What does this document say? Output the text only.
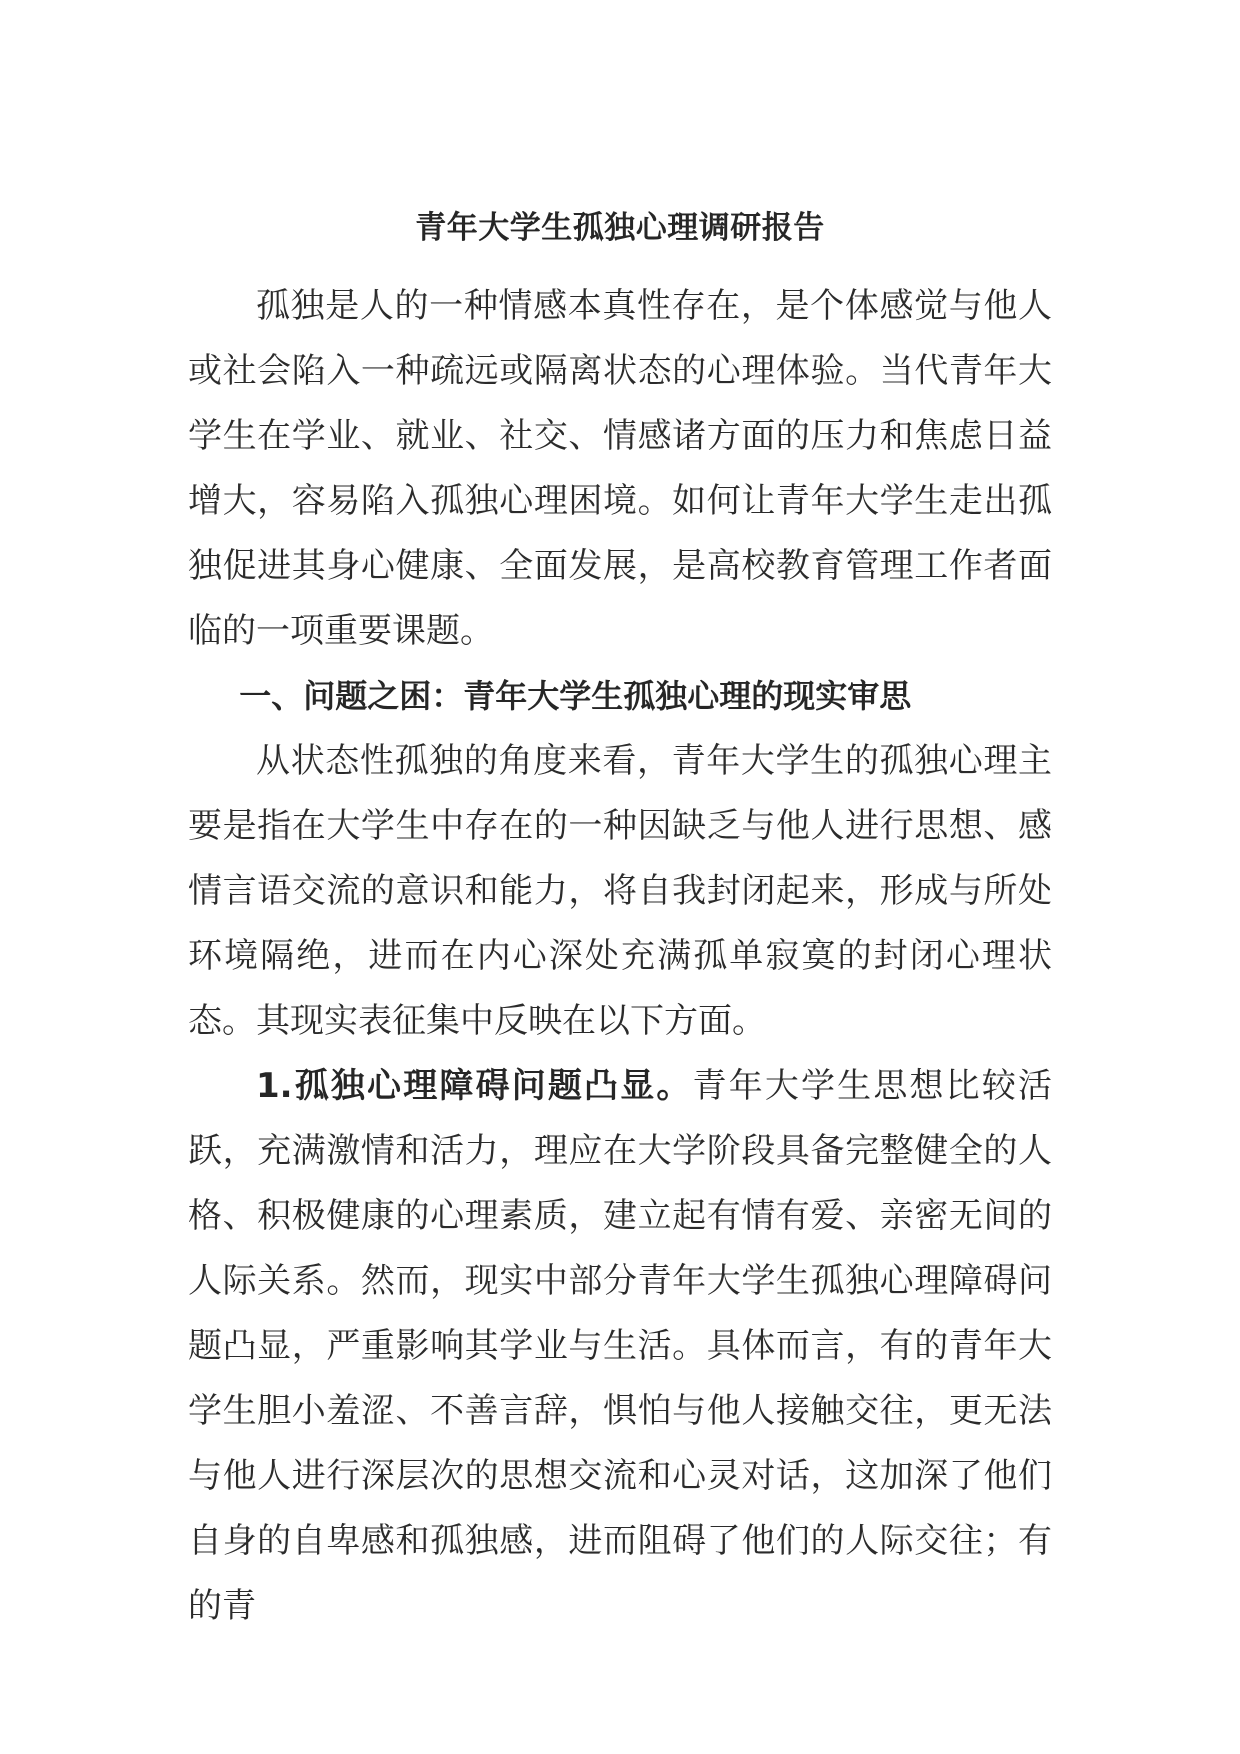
青年大学生孤独心理调研报告

孤独是人的一种情感本真性存在，是个体感觉与他人或社会陷入一种疏远或隔离状态的心理体验。当代青年大学生在学业、就业、社交、情感诸方面的压力和焦虑日益增大，容易陷入孤独心理困境。如何让青年大学生走出孤独促进其身心健康、全面发展，是高校教育管理工作者面临的一项重要课题。

一、问题之困：青年大学生孤独心理的现实审思

从状态性孤独的角度来看，青年大学生的孤独心理主要是指在大学生中存在的一种因缺乏与他人进行思想、感情言语交流的意识和能力，将自我封闭起来，形成与所处环境隔绝，进而在内心深处充满孤单寂寞的封闭心理状态。其现实表征集中反映在以下方面。

1.孤独心理障碍问题凸显。青年大学生思想比较活跃，充满激情和活力，理应在大学阶段具备完整健全的人格、积极健康的心理素质，建立起有情有爱、亲密无间的人际关系。然而，现实中部分青年大学生孤独心理障碍问题凸显，严重影响其学业与生活。具体而言，有的青年大学生胆小羞涩、不善言辞，惧怕与他人接触交往，更无法与他人进行深层次的思想交流和心灵对话，这加深了他们自身的自卑感和孤独感，进而阻碍了他们的人际交往；有的青
